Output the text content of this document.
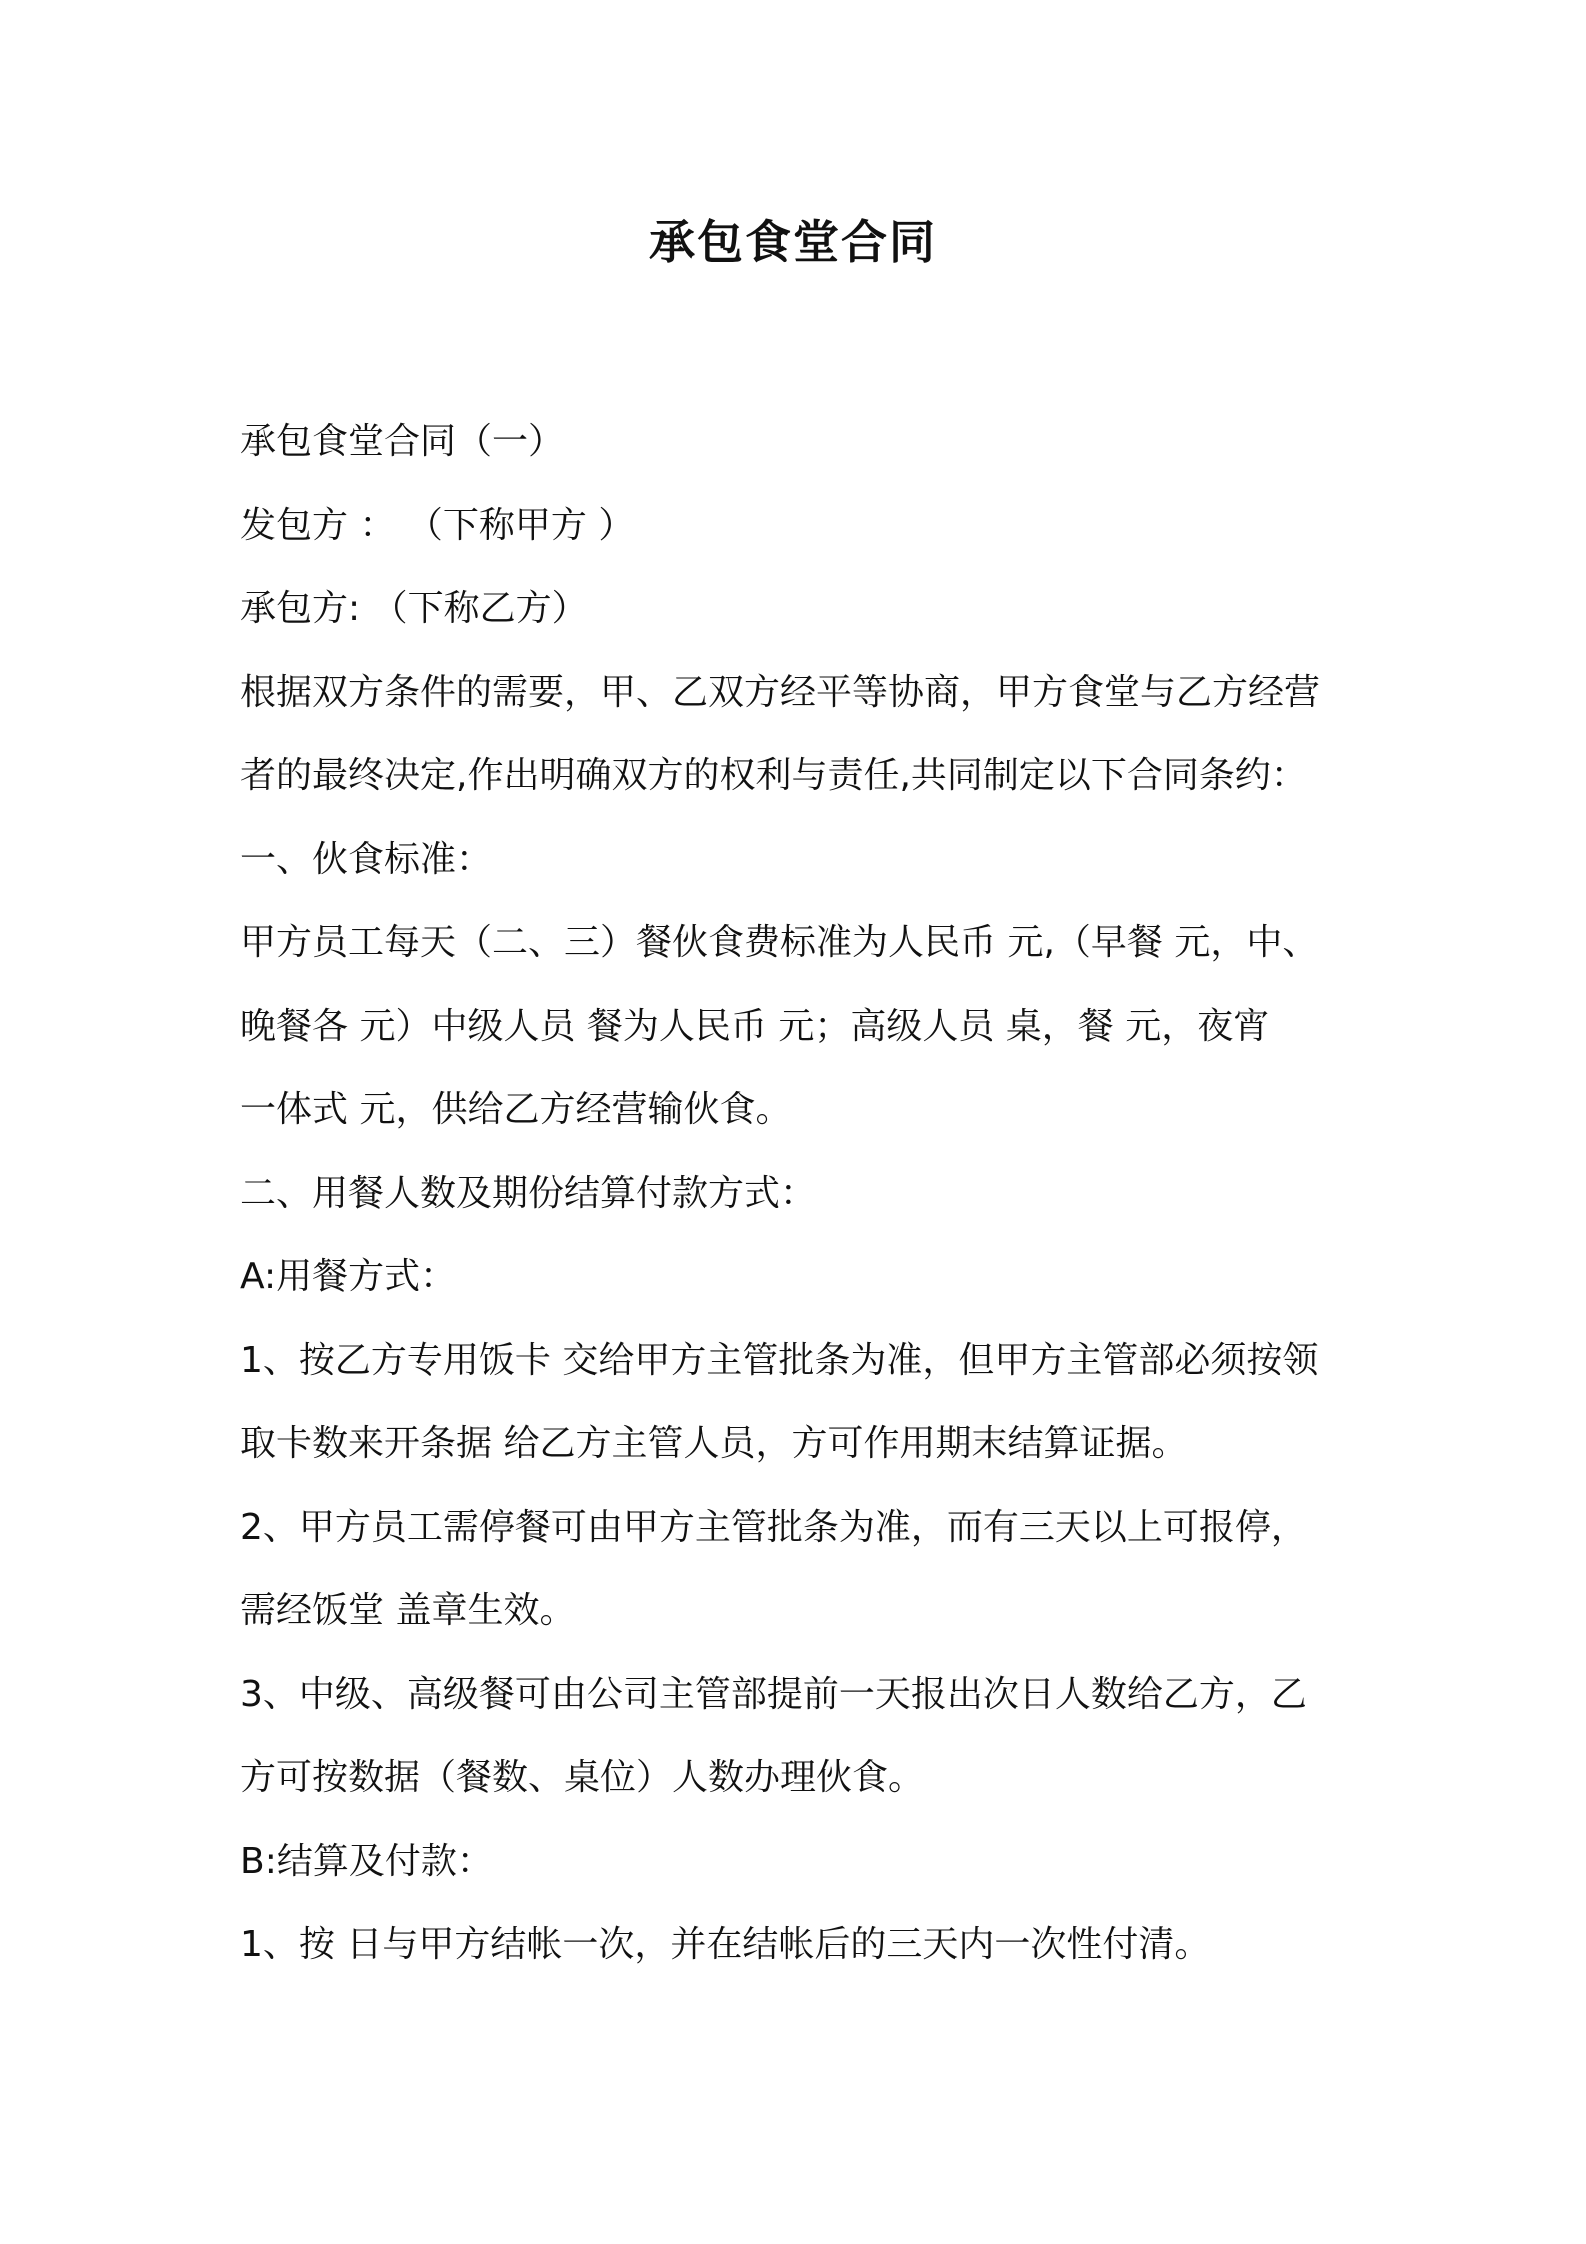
承包食堂合同
承包食堂合同（一）
发包方 ： （下称甲方 ）
承包方: （下称乙方）
根据双方条件的需要，甲、乙双方经平等协商，甲方食堂与乙方经营
者的最终决定,作出明确双方的权利与责任,共同制定以下合同条约：
一、伙食标准：
甲方员工每天（二、三）餐伙食费标准为人民币 元,（早餐 元，中、
晚餐各 元）中级人员 餐为人民币 元；高级人员 桌，餐 元，夜宵
一体式 元，供给乙方经营输伙食。
二、用餐人数及期份结算付款方式：
A:用餐方式：
1、按乙方专用饭卡 交给甲方主管批条为准，但甲方主管部必须按领
取卡数来开条据 给乙方主管人员，方可作用期末结算证据。
2、甲方员工需停餐可由甲方主管批条为准，而有三天以上可报停，
需经饭堂 盖章生效。
3、中级、高级餐可由公司主管部提前一天报出次日人数给乙方，乙
方可按数据（餐数、桌位）人数办理伙食。
B:结算及付款：
1、按 日与甲方结帐一次，并在结帐后的三天内一次性付清。
